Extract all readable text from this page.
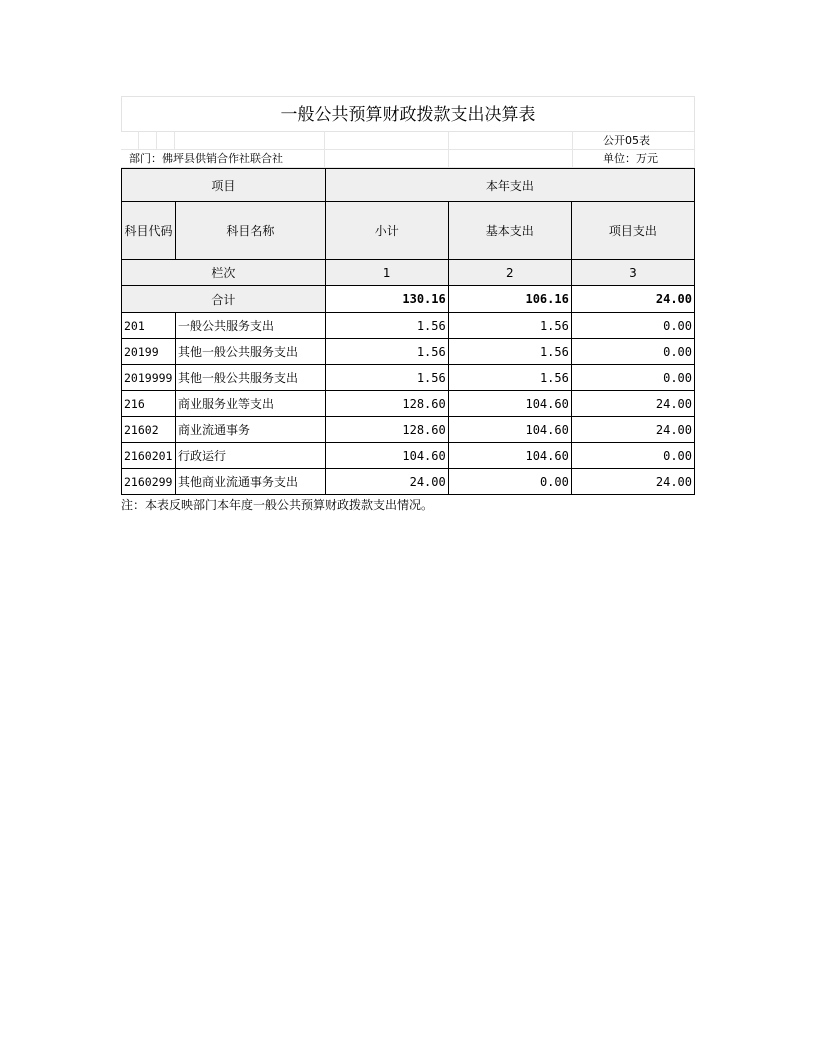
一般公共预算财政拨款支出决算表
公开05表
部门：佛坪县供销合作社联合社	单位：万元
项目		本年支出		
科目代码	科目名称	小计	基本支出	项目支出
栏次		1	2	3
合计		130.16	106.16	24.00
201	一般公共服务支出	1.56	1.56	0.00
20199	其他一般公共服务支出	1.56	1.56	0.00
2019999	其他一般公共服务支出	1.56	1.56	0.00
216	商业服务业等支出	128.60	104.60	24.00
21602	商业流通事务	128.60	104.60	24.00
2160201	行政运行	104.60	104.60	0.00
2160299	其他商业流通事务支出	24.00	0.00	24.00
注：本表反映部门本年度一般公共预算财政拨款支出情况。
